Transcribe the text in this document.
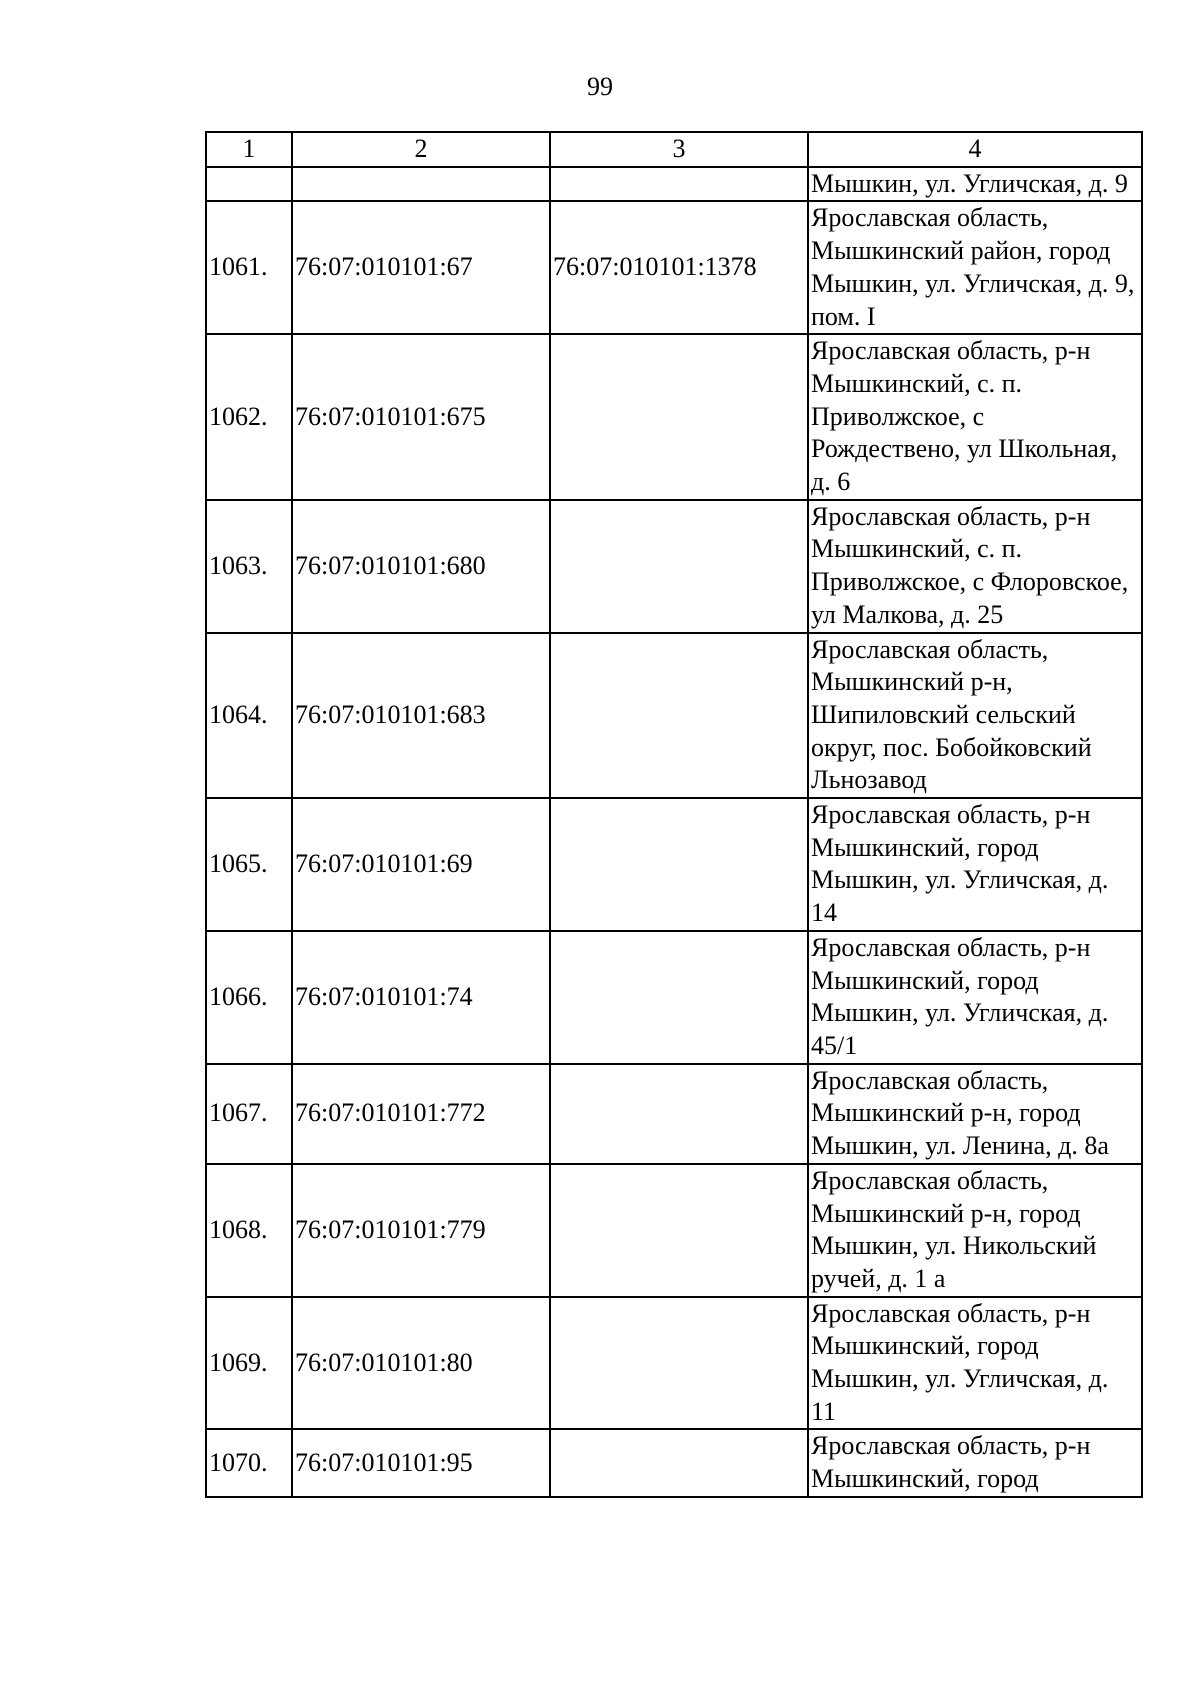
99
1	2	3	4
			Мышкин, ул. Угличская, д. 9
1061.	76:07:010101:67	76:07:010101:1378	Ярославская область, Мышкинский район, город Мышкин, ул. Угличская, д. 9, пом. I
1062.	76:07:010101:675		Ярославская область, р-н Мышкинский, с. п. Приволжское, с Рождествено, ул Школьная, д. 6
1063.	76:07:010101:680		Ярославская область, р-н Мышкинский, с. п. Приволжское, с Флоровское, ул Малкова, д. 25
1064.	76:07:010101:683		Ярославская область, Мышкинский р-н, Шипиловский сельский округ, пос. Бобойковский Льнозавод
1065.	76:07:010101:69		Ярославская область, р-н Мышкинский, город Мышкин, ул. Угличская, д. 14
1066.	76:07:010101:74		Ярославская область, р-н Мышкинский, город Мышкин, ул. Угличская, д. 45/1
1067.	76:07:010101:772		Ярославская область, Мышкинский р-н, город Мышкин, ул. Ленина, д. 8а
1068.	76:07:010101:779		Ярославская область, Мышкинский р-н, город Мышкин, ул. Никольский ручей, д. 1 а
1069.	76:07:010101:80		Ярославская область, р-н Мышкинский, город Мышкин, ул. Угличская, д. 11
1070.	76:07:010101:95		Ярославская область, р-н Мышкинский, город
